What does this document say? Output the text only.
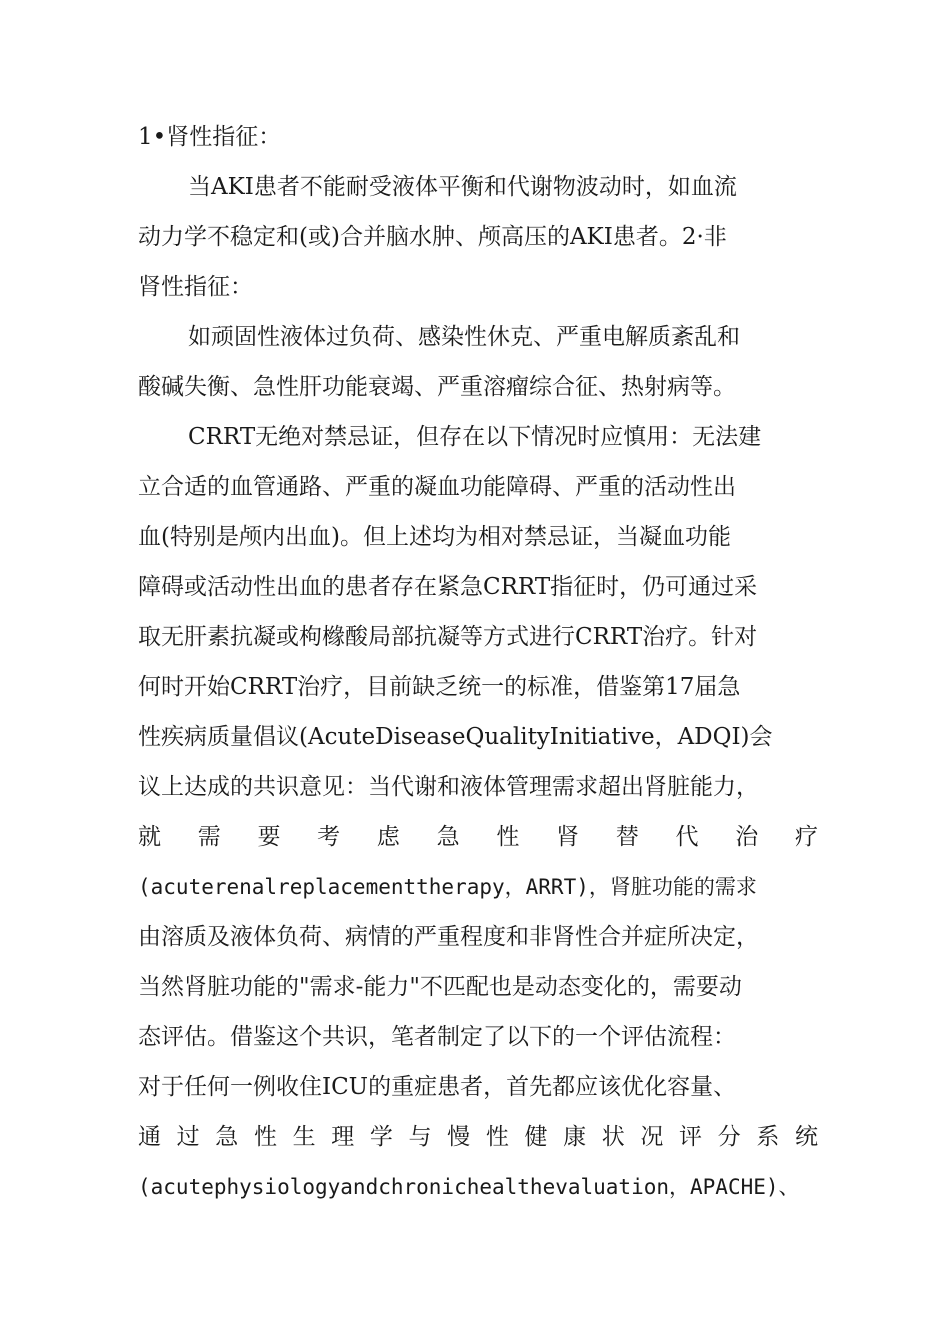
1•肾性指征：
当AKI患者不能耐受液体平衡和代谢物波动时，如血流
动力学不稳定和(或)合并脑水肿、颅高压的AKI患者。2·非
肾性指征：
如顽固性液体过负荷、感染性休克、严重电解质紊乱和
酸碱失衡、急性肝功能衰竭、严重溶瘤综合征、热射病等。
CRRT无绝对禁忌证，但存在以下情况时应慎用：无法建
立合适的血管通路、严重的凝血功能障碍、严重的活动性出
血(特别是颅内出血)。但上述均为相对禁忌证，当凝血功能
障碍或活动性出血的患者存在紧急CRRT指征时，仍可通过采
取无肝素抗凝或枸橼酸局部抗凝等方式进行CRRT治疗。针对
何时开始CRRT治疗，目前缺乏统一的标准，借鉴第17届急
性疾病质量倡议(AcuteDiseaseQualityInitiative，ADQI)会
议上达成的共识意见：当代谢和液体管理需求超出肾脏能力，
就 需 要 考 虑 急 性 肾 替 代 治 疗
(acuterenalreplacementtherapy，ARRT)，肾脏功能的需求
由溶质及液体负荷、病情的严重程度和非肾性合并症所决定，
当然肾脏功能的"需求-能力"不匹配也是动态变化的，需要动
态评估。借鉴这个共识，笔者制定了以下的一个评估流程：
对于任何一例收住ICU的重症患者，首先都应该优化容量、
通 过 急 性 生 理 学 与 慢 性 健 康 状 况 评 分 系 统
(acutephysiologyandchronichealthevaluation，APACHE)、
